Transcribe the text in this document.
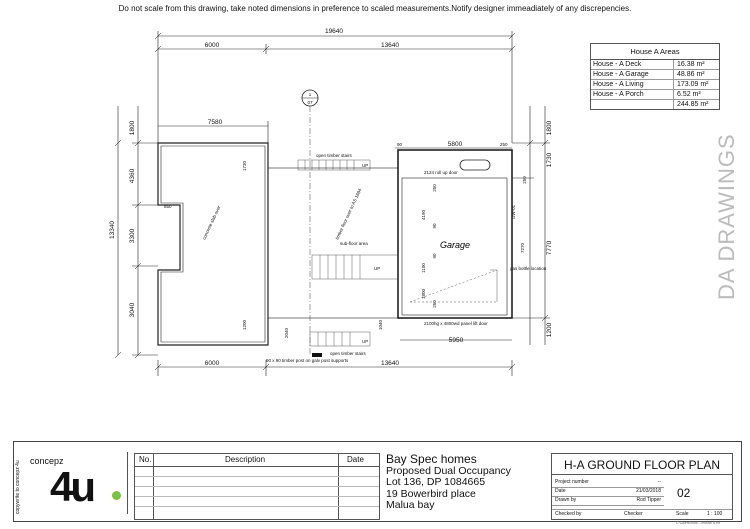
Do not scale from this drawing, take noted dimensions in preference to scaled measurements.Notify designer immeadiately of any discrepencies.
19640
6000	13640
7580
5800
90	250
13340
1800
4360
3300
3040
1800
1730
7770
1200
1730
850
1200
2040
1040
4190
7270
250
250
90
1100
90
1800
250
5950
6000	13640
1
07
open timber stairs
UP
UP
UP
open timber stairs
concrete slab over	timber floor over to AS 1684
sub-floor area	Garage
2124 roll up door
GW-01
gas bottle location
2100hg x 4800wd panel lift door
90 x 90 timber post on galv post supports
House A Areas
House - A Deck	16.38 m²
House - A Garage	48.86 m²
House - A Living	173.09 m²
House - A Porch	6.52 m²
244.85 m²
DA DRAWINGS
copywrite to concepz 4u concepz
4u
No.	Description	Date Bay Spec homes
Proposed Dual Occupancy
Lot 136, DP 1084665
19 Bowerbird place
Malua bay
H-A GROUND FLOOR PLAN
Project number	--
Date	21/03/2018
Drawn by	Rod Tipper 02
Checked by	Checker	Scale	1 : 100
C:\Users\Rod\...\House A.rvt
